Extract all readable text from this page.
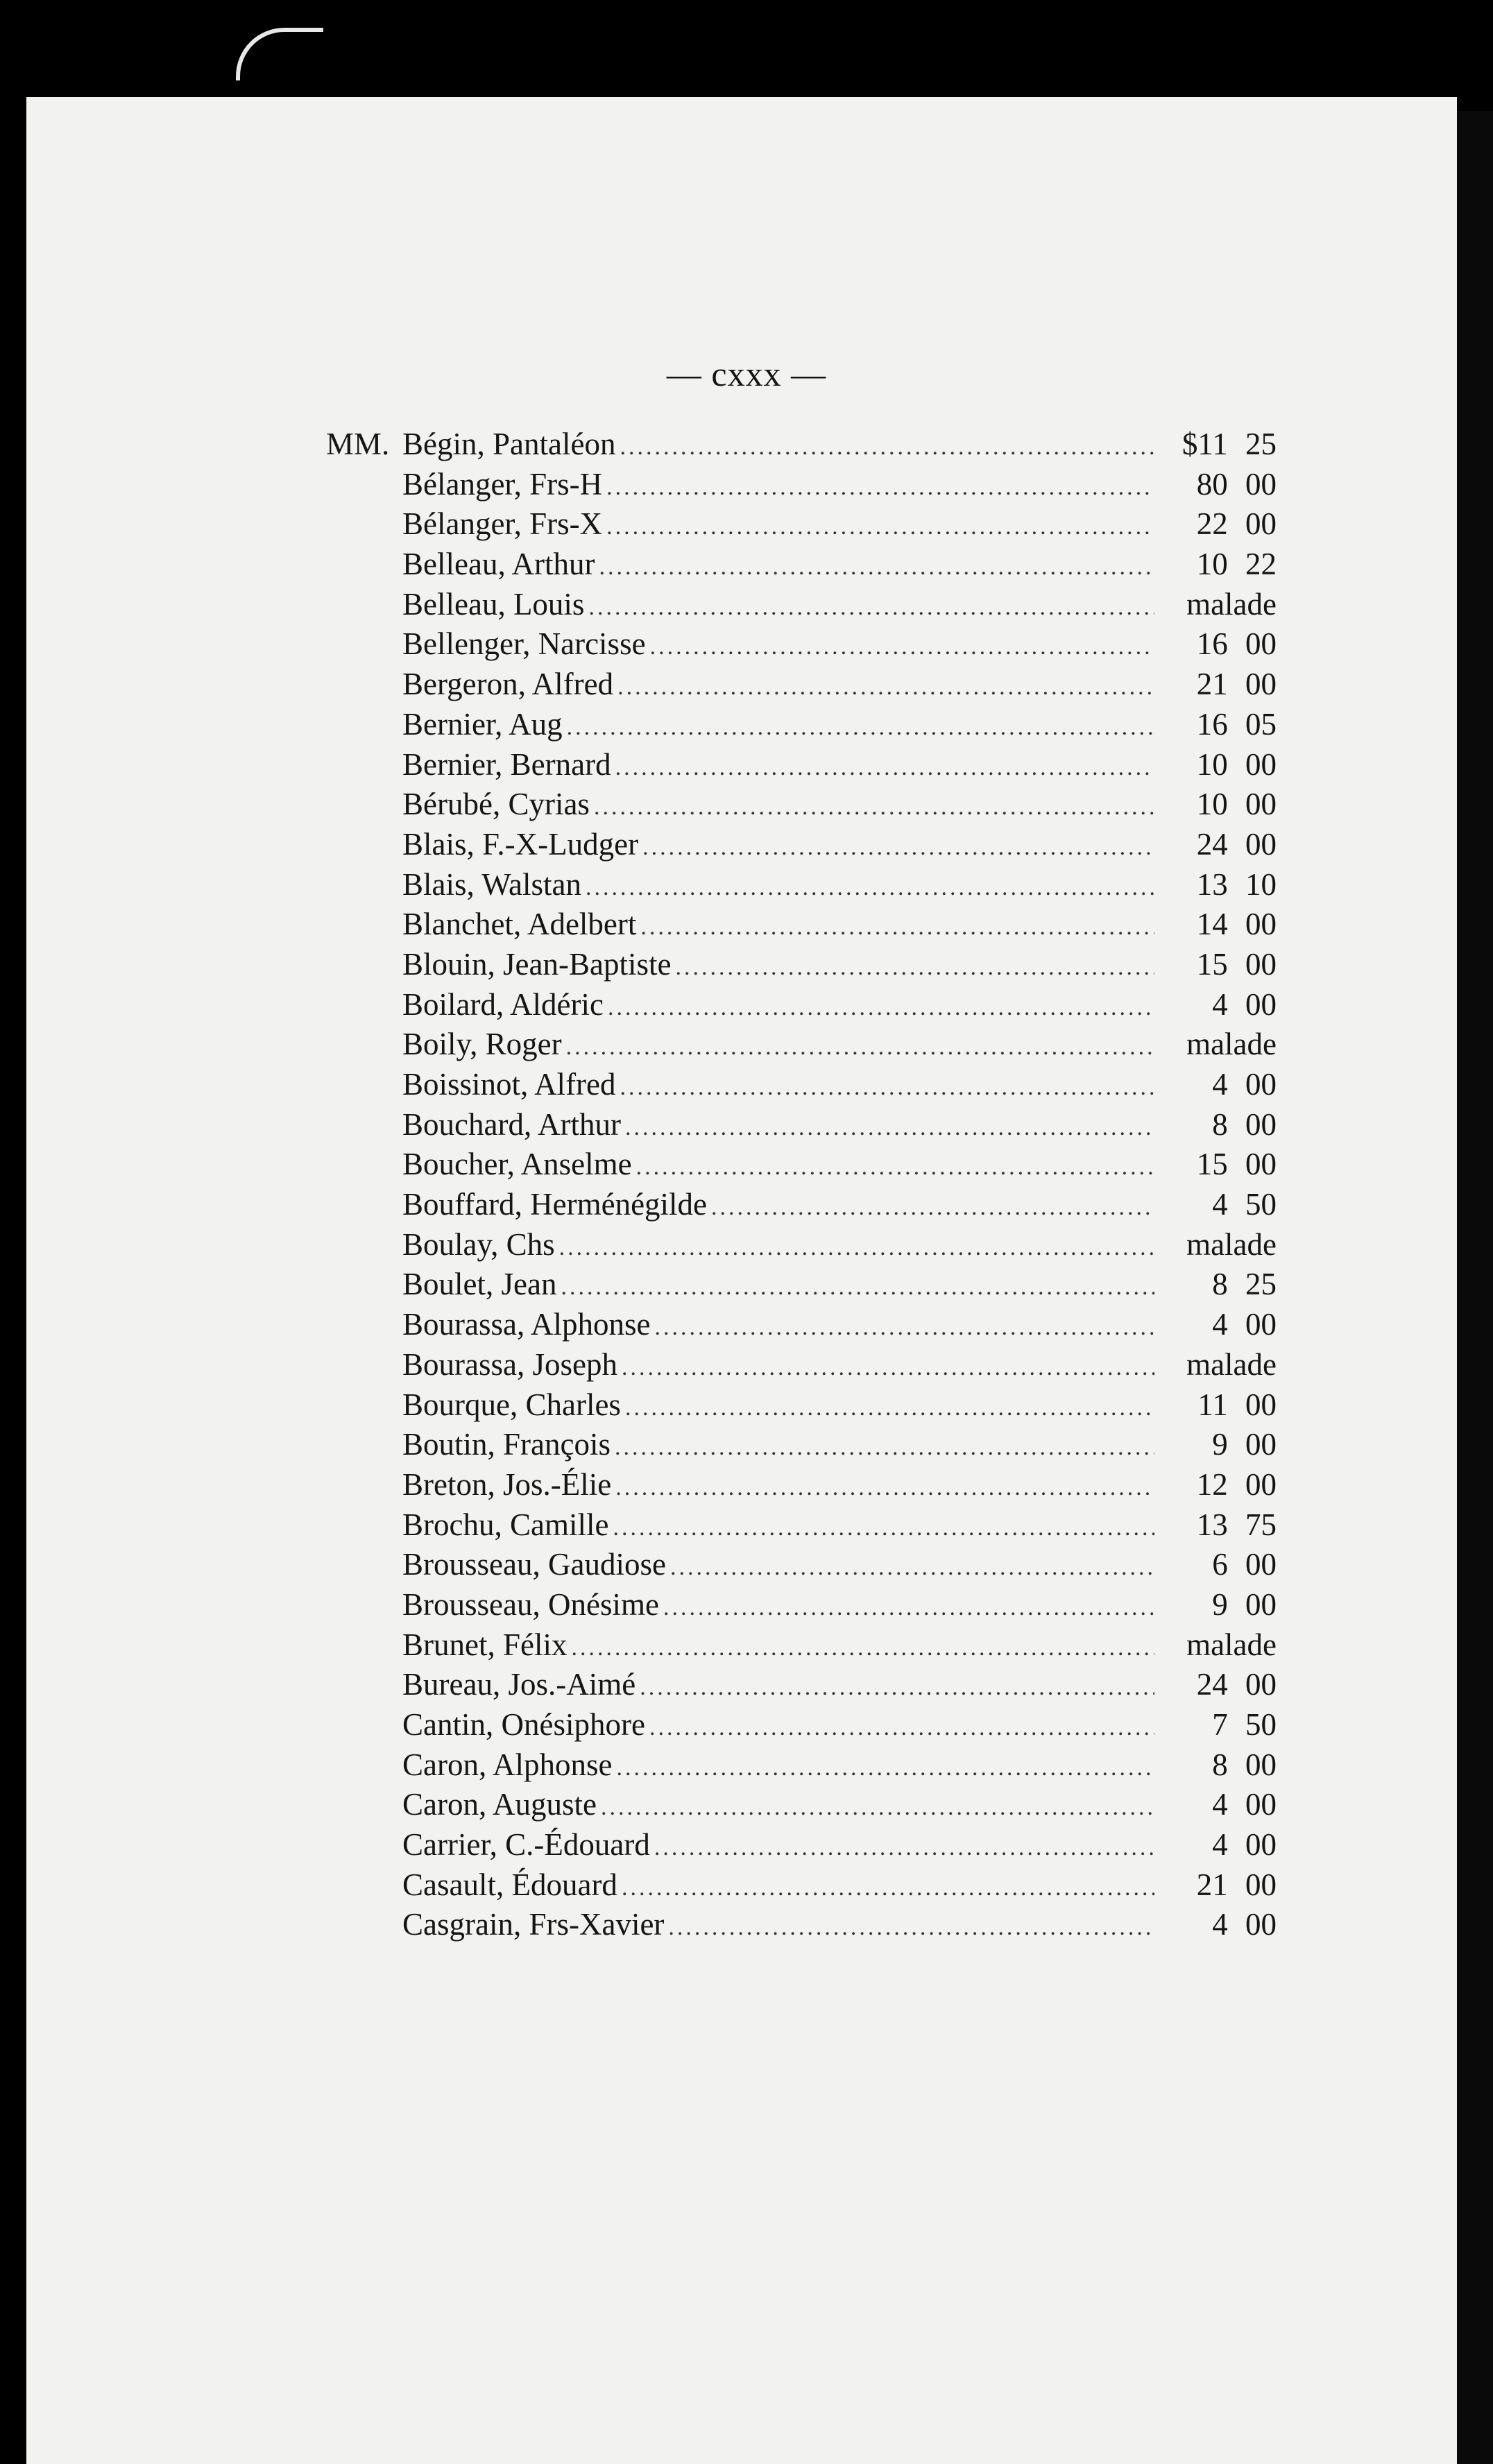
— cxxx —
MM. Bégin, Pantaléon .....	$11 25
Bélanger, Frs-H .....	80 00
Bélanger, Frs-X .....	22 00
Belleau, Arthur .....	10 22
Belleau, Louis .....	malade
Bellenger, Narcisse .....	16 00
Bergeron, Alfred .....	21 00
Bernier, Aug .....	16 05
Bernier, Bernard .....	10 00
Bérubé, Cyrias .....	10 00
Blais, F.-X-Ludger .....	24 00
Blais, Walstan .....	13 10
Blanchet, Adelbert .....	14 00
Blouin, Jean-Baptiste .....	15 00
Boilard, Aldéric .....	4 00
Boily, Roger .....	malade
Boissinot, Alfred .....	4 00
Bouchard, Arthur .....	8 00
Boucher, Anselme .....	15 00
Bouffard, Herménégilde .....	4 50
Boulay, Chs .....	malade
Boulet, Jean .....	8 25
Bourassa, Alphonse .....	4 00
Bourassa, Joseph .....	malade
Bourque, Charles .....	11 00
Boutin, François .....	9 00
Breton, Jos.-Élie .....	12 00
Brochu, Camille .....	13 75
Brousseau, Gaudiose .....	6 00
Brousseau, Onésime .....	9 00
Brunet, Félix .....	malade
Bureau, Jos.-Aimé .....	24 00
Cantin, Onésiphore .....	7 50
Caron, Alphonse .....	8 00
Caron, Auguste .....	4 00
Carrier, C.-Édouard .....	4 00
Casault, Édouard .....	21 00
Casgrain, Frs-Xavier .....	4 00
